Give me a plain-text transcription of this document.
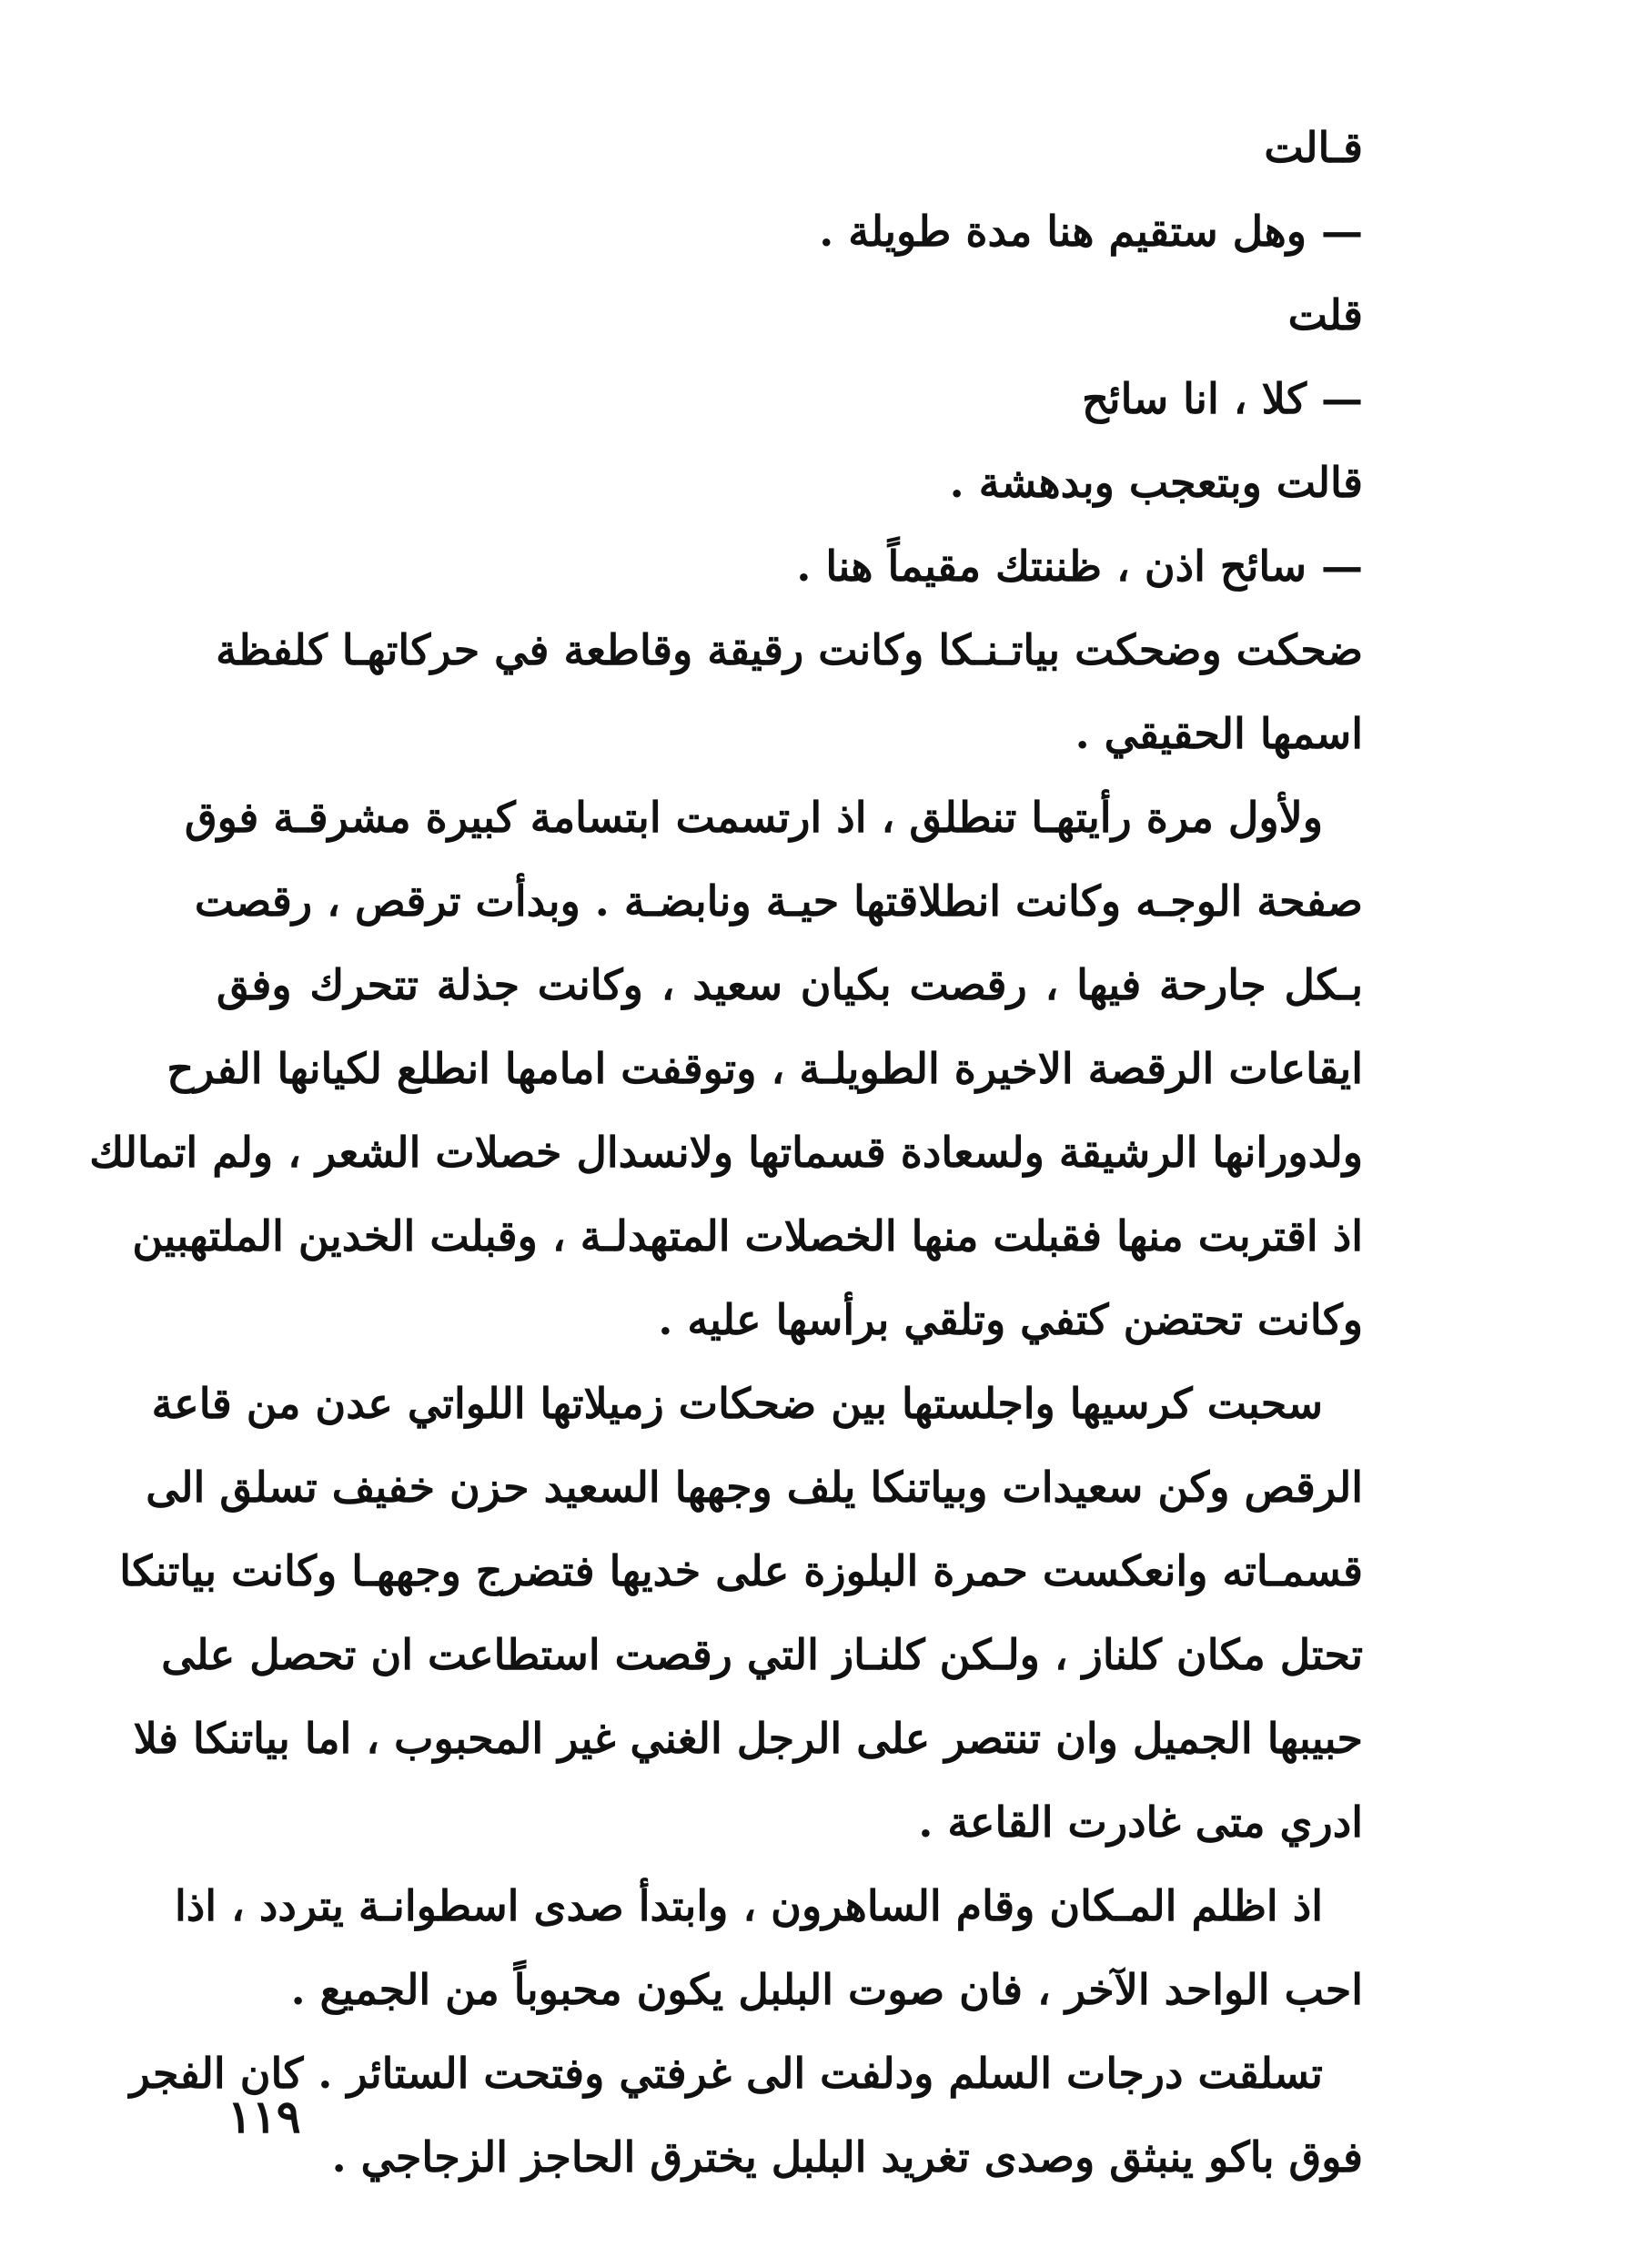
قـالت

— وهل ستقيم هنا مدة طويلة .

قلت

— كلا ، انا سائح

قالت وبتعجب وبدهشة .

— سائح اذن ، ظننتك مقيماً هنا .

ضحكت وضحكت بياتـنـكا وكانت رقيقة وقاطعة في حركاتهـا كلفظة

اسمها الحقيقي .

ولأول مرة رأيتهـا تنطلق ، اذ ارتسمت ابتسامة كبيرة مشرقـة فوق

صفحة الوجـه وكانت انطلاقتها حيـة ونابضـة . وبدأت ترقص ، رقصت

بـكل جارحة فيها ، رقصت بكيان سعيد ، وكانت جذلة تتحرك وفق

ايقاعات الرقصة الاخيرة الطويلـة ، وتوقفت امامها انطلع لكيانها الفرح

ولدورانها الرشيقة ولسعادة قسماتها ولانسدال خصلات الشعر ، ولم اتمالك

اذ اقتربت منها فقبلت منها الخصلات المتهدلـة ، وقبلت الخدين الملتهبين

وكانت تحتضن كتفي وتلقي برأسها عليه .

سحبت كرسيها واجلستها بين ضحكات زميلاتها اللواتي عدن من قاعة

الرقص وكن سعيدات وبياتنكا يلف وجهها السعيد حزن خفيف تسلق الى

قسمـاته وانعكست حمرة البلوزة على خديها فتضرج وجههـا وكانت بياتنكا

تحتل مكان كلناز ، ولـكن كلنـاز التي رقصت استطاعت ان تحصل على

حبيبها الجميل وان تنتصر على الرجل الغني غير المحبوب ، اما بياتنكا فلا

ادري متى غادرت القاعة .

اذ اظلم المـكان وقام الساهرون ، وابتدأ صدى اسطوانـة يتردد ، اذا

احب الواحد الآخر ، فان صوت البلبل يكون محبوباً من الجميع .

تسلقت درجات السلم ودلفت الى غرفتي وفتحت الستائر . كان الفجر

فوق باكو ينبثق وصدى تغريد البلبل يخترق الحاجز الزجاجي .

١١٩
